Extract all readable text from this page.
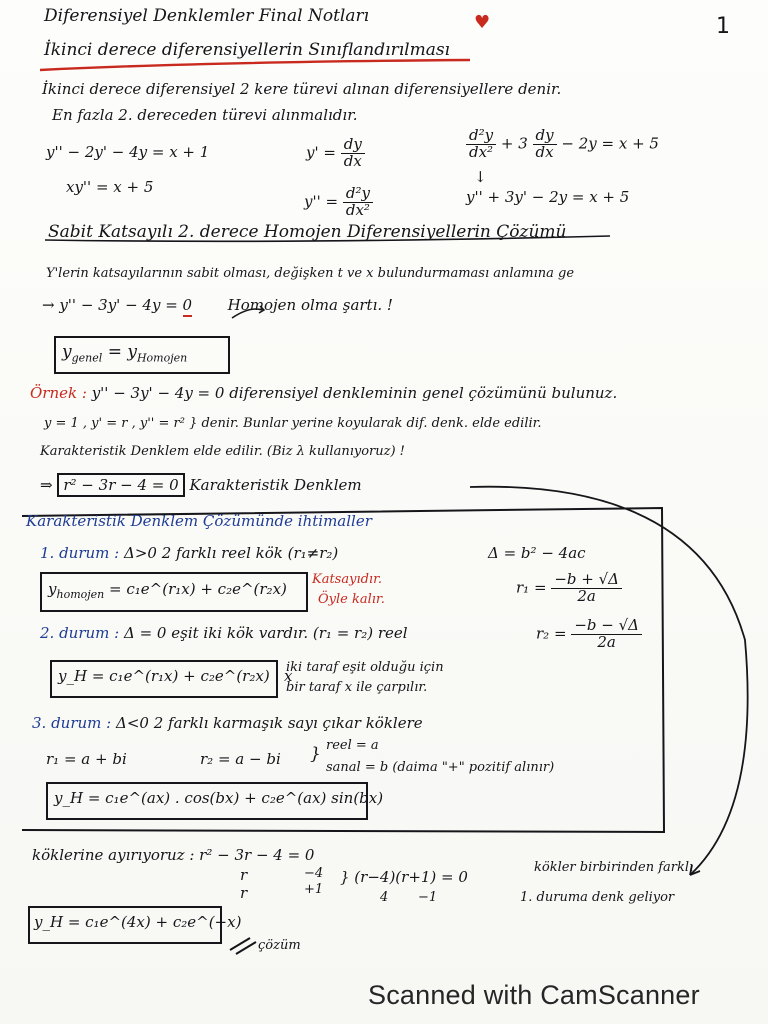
1
Diferensiyel Denklemler Final Notları	♥
İkinci derece diferensiyellerin Sınıflandırılması
İkinci derece diferensiyel 2 kere türevi alınan diferensiyellere denir.
En fazla 2. dereceden türevi alınmalıdır.
y'' − 2y' − 4y = x + 1
xy'' = x + 5
$y' = \frac{dy}{dx}$
$y'' = \frac{\text{d²y}}{\text{dx²}}$
$\frac{\text{d²y}}{\text{dx²}} + 3 \frac{dy}{dx} - 2y = x + 5$
↓
y'' + 3y' − 2y = x + 5
Sabit Katsayılı 2. derece Homojen Diferensiyellerin Çözümü
Y'lerin katsayılarının sabit olması, değişken t ve x bulundurmaması anlamına ge
→ y'' − 3y' − 4y = 0 Homojen olma şartı. !
$y_{genel} = y_{Homojen}$
Örnek : y'' − 3y' − 4y = 0 diferensiyel denkleminin genel çözümünü bulunuz.
y = 1 , y' = r , y'' = r² } denir. Bunlar yerine koyularak dif. denk. elde edilir.
Karakteristik Denklem elde edilir. (Biz λ kullanıyoruz) !
⇒ r² − 3r − 4 = 0 Karakteristik Denklem
Karakteristik Denklem Çözümünde ihtimaller
1. durum : Δ>0 2 farklı reel kök (r₁≠r₂)	Δ = b² − 4ac
$y_{homojen}$ = c₁e^(r₁x) + c₂e^(r₂x)
Katsayıdır.
Öyle kalır.
$r_1 = \frac{-b + √\Delta}{2a}$
2. durum : Δ = 0 eşit iki kök vardır. (r₁ = r₂) reel	$r_2 = \frac{-b - √\Delta}{2a}$
y_H = c₁e^(r₁x) + c₂e^(r₂x) . x
iki taraf eşit olduğu için
bir taraf x ile çarpılır.
3. durum : Δ<0 2 farklı karmaşık sayı çıkar köklere
r₁ = a + bi	r₂ = a − bi } reel = a
sanal = b (daima "+" pozitif alınır)
y_H = c₁e^(ax) . cos(bx) + c₂e^(ax) sin(bx)
köklerine ayırıyoruz : r² − 3r − 4 = 0
r
r
−4
+1
} (r−4)(r+1) = 0
4 −1
kökler birbirinden farklı
1. duruma denk geliyor
y_H = c₁e^(4x) + c₂e^(−x)
çözüm
Scanned with CamScanner
